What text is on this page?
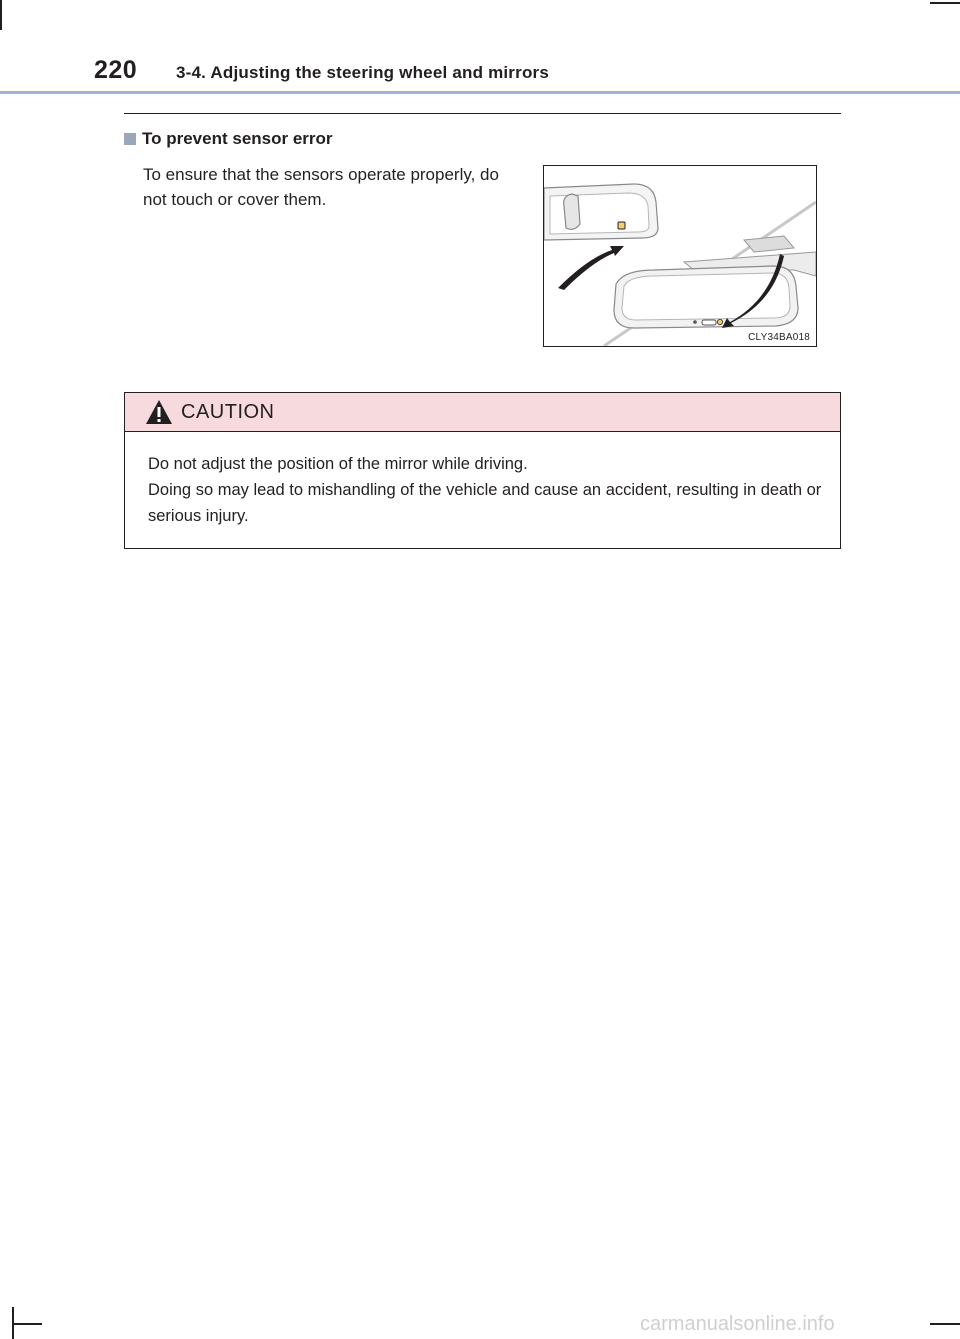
220 3-4. Adjusting the steering wheel and mirrors
To prevent sensor error
To ensure that the sensors operate properly, do not touch or cover them.
CLY34BA018
CAUTION

Do not adjust the position of the mirror while driving.

Doing so may lead to mishandling of the vehicle and cause an accident, resulting in death or serious injury.

carmanualsonline.info
